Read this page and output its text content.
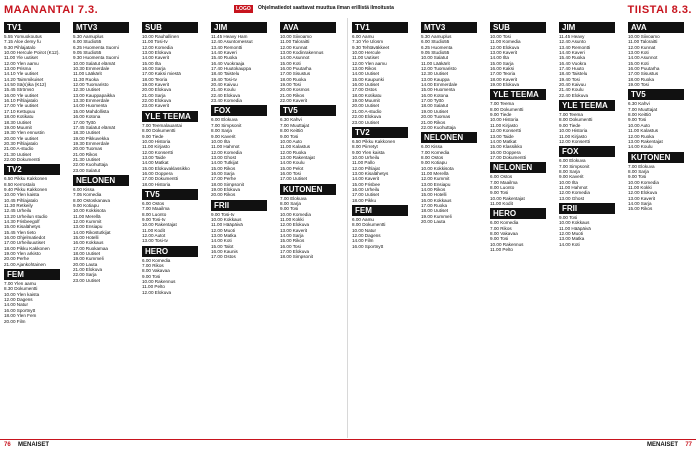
MAANANTAI 7.3.	LOGO	Ohjelmatiedot saattavat muuttua ilman erillistä ilmoitusta	TIISTAI 8.3.
TV1
5.55 Yomuokoutus
7.15 Aloe demy fu
9.30 Pihlajatalo
10.00 Hercule Poirot (K12).
11.00 Yle uutiset
12.00 Ylen aamu
13.00 Prisma
14.10 Yle uutiset
14.20 Taimmikuiset
14.50 Sä(s)ika (K12)
15.45 Strömsö
16.00 Yle uutiset
16.10 Pihlajatalo
17.00 Yle uutiset
17.10 Kettupuu
18.00 Kotikatu
18.30 Uutiset
19.00 Muumit
19.30 Ylen ennustin
20.00 Yle uutiset
20.30 Pihlajatalo
21.00 A-studio
21.30 Uutiset
22.00 Dokumentti
TV2
6.50 Pikku Kakkonen
8.50 Kerrostalo
9.40 Pikku Kakkonen
10.00 Ylen kaista
10.45 Pihlajatalo
11.30 Retkeily
12.45 Urheilu
13.20 Urheilun studio
14.30 Frisbeegolf
15.00 Kisalähetys
15.45 Ylen tieto
16.00 Ohjelmatiedot
17.00 Urheiluuutiset
18.00 Pikku Kakkonen
19.00 Ylen arkisto
20.00 Perhe
21.00 Ajankohtainen
FEM
7.00 Ylen aamu
8.30 Dokumentti
10.00 Ylen kaista
12.00 Dagens
14.00 Natur
16.00 Sportnytt
18.00 Ylen Fem
20.00 Film
MTV3
5.30 Aamuplus
6.00 Studio55
6.25 Huomenta Suomi
9.05 Studio55
9.30 Huomenta Suomi
10.00 Salatut elämät
10.30 Emmerdale
11.00 Lääkärit
11.30 Ruoka
12.00 Tuomaristo
12.30 Uutiset
13.00 Kauppapaikka
13.30 Emmerdale
14.00 Huomenta
15.00 Mahdollista
16.00 Kotona
17.00 Tyttö
17.45 Salatut elämät
18.30 Uutiset
19.00 Pikkuvekka
19.30 Emmerdale
20.00 Tuomas
21.00 Rikos
21.30 Uutiset
22.00 Kuohuttaja
23.00 Salatut
NELONEN
6.00 Kissa
7.05 Komedia
8.00 Ostoskanava
9.00 Kotiapu
10.00 Kokkisota
11.00 Merellä
12.00 Kummit
13.00 Ensiapu
14.00 Rikostutkijat
15.00 Hotelli
16.00 Kokkaus
17.00 Ruokamaa
18.00 Uutiset
19.00 Kummeli
20.00 Lauta
21.00 Elokuva
22.00 Sarja
23.00 Uutiset
SUB
10.00 Rauhallinen
11.00 Tosi-tv
12.00 Komedia
13.00 Elokuva
14.00 Kaverit
15.00 Ilta
16.00 Sarja
17.00 Kaksi miestä
18.00 Teoria
19.00 Kaverit
20.00 Elokuva
21.00 Sarja
22.00 Elokuva
23.00 Kaverit
YLE TEEMA
7.00 Teemalauantai
8.00 Dokumentti
9.00 Tiede
10.00 Historia
11.00 Kirjasto
12.00 Konsertti
13.00 Taide
14.00 Matkat
15.00 Elokuvaklassikko
16.00 Ooppera
17.00 Dokumentti
18.00 Historia
TV5
6.00 Ostos
7.00 Maailma
8.00 Luonto
9.00 Tosi-tv
10.00 Rakentajat
11.00 Kodit
12.00 Autot
13.00 Tosi-tv
HERO
6.00 Komedia
7.00 Rikos
8.00 Vakavaa
9.00 Tosi
10.00 Rakennus
11.00 Pelto
12.00 Elokuva
JIM
11.45 Heavy Ham
12.40 Asuntomessut
13.40 Remontti
14.40 Kaveri
15.40 Ruoka
16.40 Vuokraaja
17.40 Huutokauppa
18.40 Taistelu
19.40 Tosi-tv
20.40 Kaivuu
21.40 Koulu
22.40 Elokuva
23.40 Komedia
FOX
6.00 Elokuva
7.00 Simpsonit
8.00 Sarja
9.00 Kaverit
10.00 Ilta
11.00 Hahmot
12.00 Komedia
13.00 Ghost
14.00 Tutkijat
15.00 Rikos
16.00 Sarja
17.00 Perhe
18.00 Simpsonit
19.00 Elokuva
20.00 Rikos
FRII
9.00 Tosi-tv
10.00 Kokkaus
11.00 Hääpäivä
12.00 Muoti
13.00 Matka
14.00 Koti
15.00 Talot
16.00 Kaunis
17.00 Ostos
AVA
10.00 Siivoamo
11.00 Taloraitti
12.00 Kunnat
13.00 Kodinrakennus
14.00 Asunnot
15.00 Koti
16.00 Puutarha
17.00 Sisustus
18.00 Ruoka
19.00 Tosi
20.00 Kosmos
21.00 Rikos
22.00 Kaverit
TV5
6.30 Kahvi
7.00 Muuttajat
8.00 Keittiö
9.00 Tosi
10.00 Auto
11.00 Kalastus
12.00 Ruoka
13.00 Rakentajat
14.00 Koulu
15.00 Pelot
16.00 Tosi
17.00 Uutiset
KUTONEN
7.00 Elokuva
8.00 Sarja
9.00 Tosi
10.00 Komedia
11.00 Kokki
12.00 Elokuva
13.00 Kaverit
14.00 Sarja
15.00 Rikos
16.00 Tosi
17.00 Elokuva
18.00 Simpsonit
TV1
6.00 Aamu
7.10 Yle Ulosm
9.30 Tehtäväkkeet
10.00 Hercule
11.00 Uutiset
12.00 Ylen aamu
13.00 Rikos
14.00 Uutiset
15.00 Kaupunki
16.00 Uutiset
17.00 Ostos
18.00 Kotikatu
19.00 Muumit
20.00 Uutiset
21.00 A-studio
22.00 Elokuva
23.00 Uutiset
TV2
6.50 Pikku Kakkonen
8.00 Piirretyt
9.00 Ylen kaista
10.00 Urheilu
11.00 Pallo
12.00 Pihlajat
13.00 Kisalähetys
14.00 Kaverit
15.00 Frisbee
16.00 Urheilu
17.00 Uutiset
18.00 Pikku
FEM
6.00 Aamu
8.00 Dokumentti
10.00 Natur
12.00 Dagens
14.00 Film
16.00 Sportnytt
MTV3
5.30 Aamuplus
6.00 Studio55
6.25 Huomenta
9.05 Studio55
10.00 Salatut
11.00 Lääkärit
12.00 Tuomaristo
12.30 Uutiset
13.00 Kauppa
14.00 Emmerdale
15.00 Huomenta
16.00 Kotona
17.00 Tyttö
18.00 Salatut
19.00 Uutiset
20.00 Tuomas
21.00 Rikos
22.00 Kuohuttaja
NELONEN
6.00 Kissa
7.00 Komedia
8.00 Ostos
9.00 Kotiapu
10.00 Kokkisota
11.00 Merellä
12.00 Kummit
13.00 Ensiapu
14.00 Rikos
15.00 Hotelli
16.00 Kokkaus
17.00 Ruoka
18.00 Uutiset
19.00 Kummeli
20.00 Lauta
SUB
10.00 Tosi
11.00 Komedia
12.00 Elokuva
13.00 Kaverit
14.00 Ilta
15.00 Sarja
16.00 Kaksi
17.00 Teoria
18.00 Kaverit
19.00 Elokuva
YLE TEEMA
7.00 Teema
8.00 Dokumentti
9.00 Tiede
10.00 Historia
11.00 Kirjasto
12.00 Konsertti
13.00 Taide
14.00 Matkat
15.00 Klassikko
16.00 Ooppera
17.00 Dokumentti
NELONEN
6.00 Ostos
7.00 Maailma
8.00 Luonto
9.00 Tosi
10.00 Rakentajat
11.00 Kodit
HERO
6.00 Komedia
7.00 Rikos
8.00 Vakavaa
9.00 Tosi
10.00 Rakennus
11.00 Pelto
JIM
11.45 Heavy
12.40 Asunto
13.40 Remontti
14.40 Kaveri
15.40 Ruoka
16.40 Vuokra
17.40 Huuto
18.40 Taistelu
19.40 Tosi
20.40 Kaivuu
21.40 Koulu
22.40 Elokuva
YLE TEEMA
7.00 Teema
8.00 Dokumentti
9.00 Tiede
10.00 Historia
11.00 Kirjasto
12.00 Konsertti
FOX
6.00 Elokuva
7.00 Simpsonit
8.00 Sarja
9.00 Kaverit
10.00 Ilta
11.00 Hahmot
12.00 Komedia
13.00 Ghost
FRII
9.00 Tosi
10.00 Kokkaus
11.00 Hääpäivä
12.00 Muoti
13.00 Matka
14.00 Koti
AVA
10.00 Siivoamo
11.00 Taloraitti
12.00 Kunnat
13.00 Koti
14.00 Asunnot
15.00 Koti
16.00 Puutarha
17.00 Sisustus
18.00 Ruoka
19.00 Tosi
TV5
6.30 Kahvi
7.00 Muuttajat
8.00 Keittiö
9.00 Tosi
10.00 Auto
11.00 Kalastus
12.00 Ruoka
13.00 Rakentajat
14.00 Koulu
KUTONEN
7.00 Elokuva
8.00 Sarja
9.00 Tosi
10.00 Komedia
11.00 Kokki
12.00 Elokuva
13.00 Kaverit
14.00 Sarja
15.00 Rikos
76 MENAISET	MENAISET 77
